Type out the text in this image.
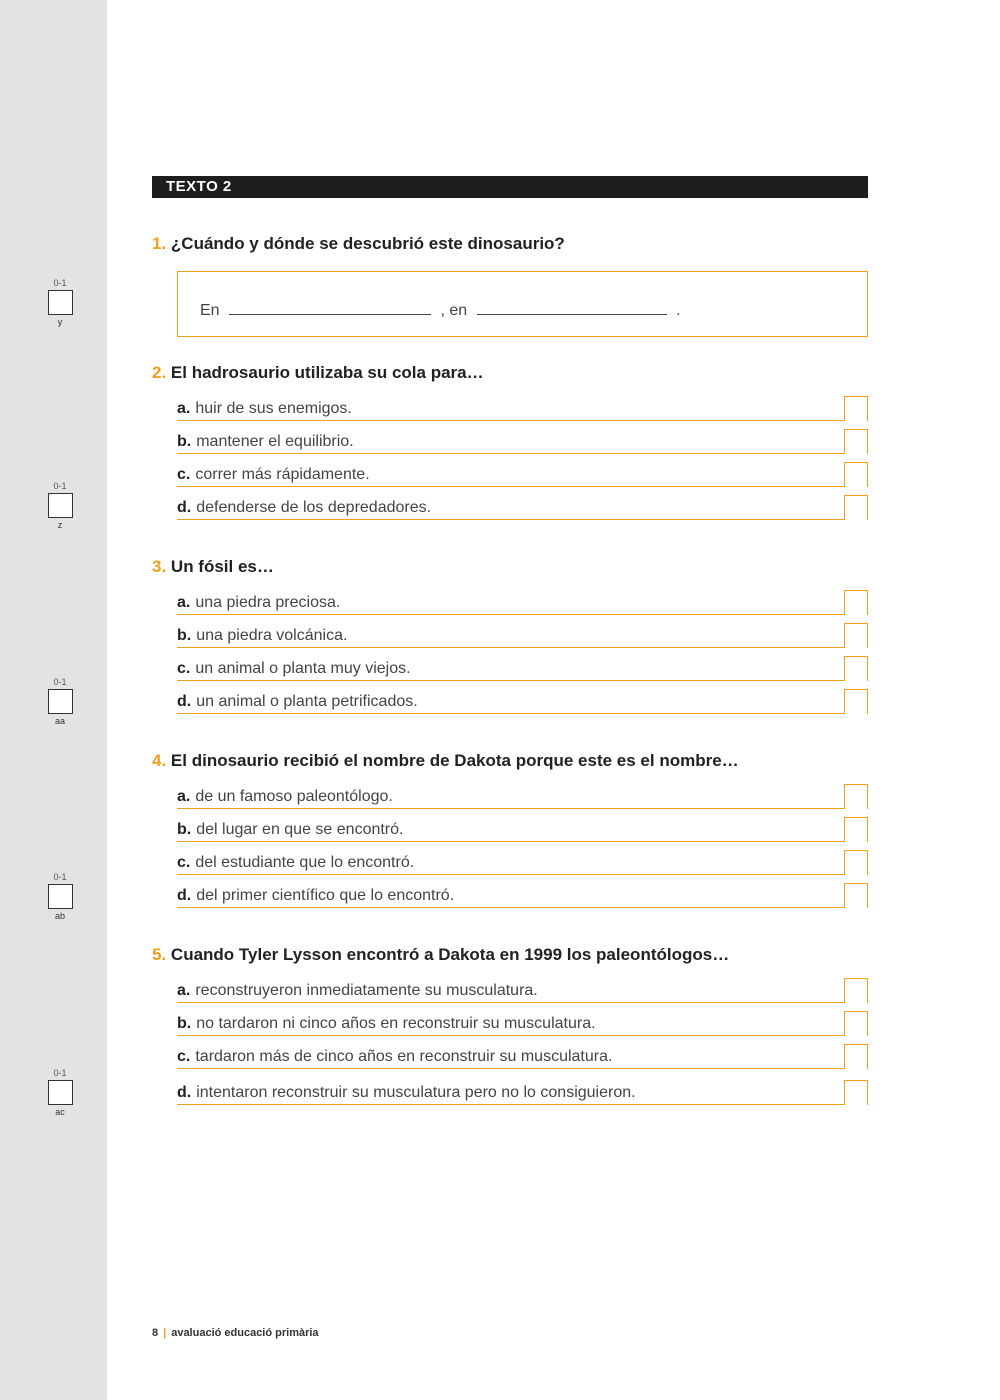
0-1
y
0-1
z
0-1
aa
0-1
ab
0-1
ac
TEXTO 2
1. ¿Cuándo y dónde se descubrió este dinosaurio?
En	, en	.
2. El hadrosaurio utilizaba su cola para…
a. huir de sus enemigos.
b. mantener el equilibrio.
c. correr más rápidamente.
d. defenderse de los depredadores.
3. Un fósil es…
a. una piedra preciosa.
b. una piedra volcánica.
c. un animal o planta muy viejos.
d. un animal o planta petrificados.
4. El dinosaurio recibió el nombre de Dakota porque este es el nombre…
a. de un famoso paleontólogo.
b. del lugar en que se encontró.
c. del estudiante que lo encontró.
d. del primer científico que lo encontró.
5. Cuando Tyler Lysson encontró a Dakota en 1999 los paleontólogos…
a. reconstruyeron inmediatamente su musculatura.
b. no tardaron ni cinco años en reconstruir su musculatura.
c. tardaron más de cinco años en reconstruir su musculatura.
d. intentaron reconstruir su musculatura pero no lo consiguieron.
8 | avaluació educació primària
